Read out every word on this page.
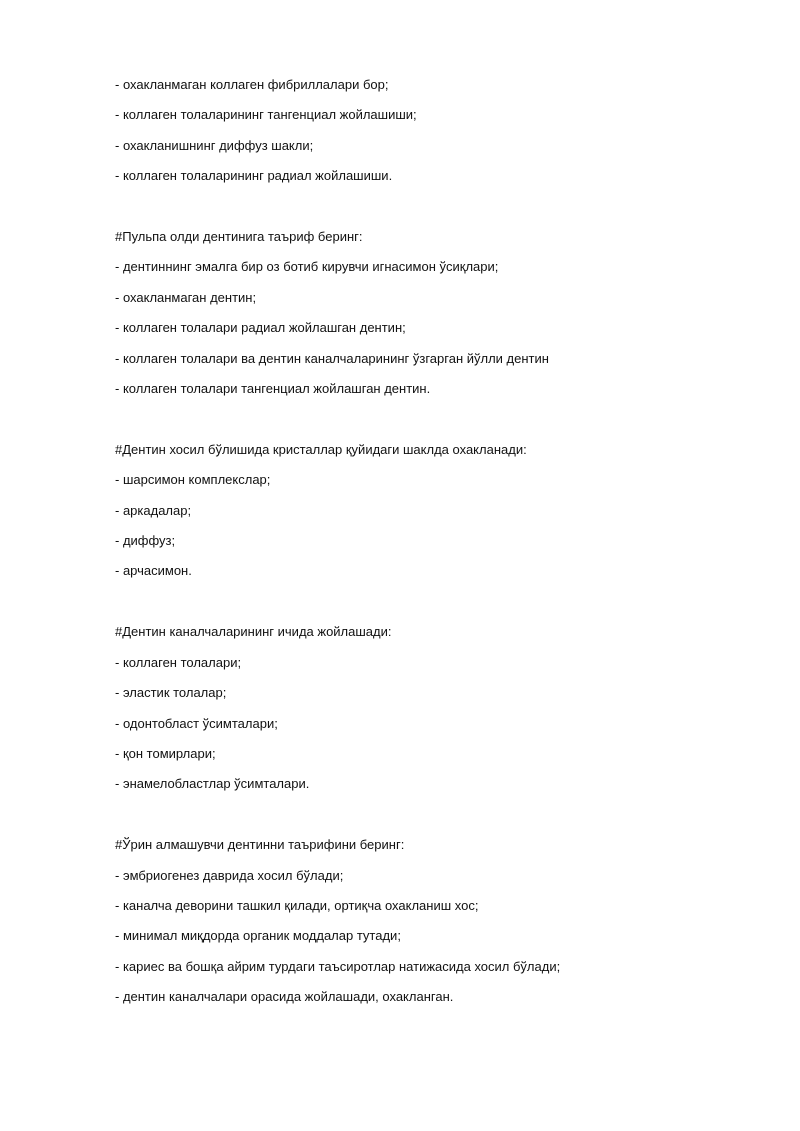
- охакланмаган коллаген фибриллалари бор;

- коллаген толаларининг тангенциал жойлашиши;

- охакланишнинг диффуз шакли;

- коллаген толаларининг радиал жойлашиши.

#Пульпа олди дентинига таъриф беринг:

- дентиннинг эмалга бир оз ботиб кирувчи игнасимон ўсиқлари;

- охакланмаган дентин;

- коллаген толалари радиал жойлашган дентин;

- коллаген толалари ва дентин каналчаларининг ўзгарган йўлли дентин

- коллаген толалари тангенциал жойлашган дентин.

#Дентин хосил бўлишида кристаллар қуйидаги шаклда охакланади:

- шарсимон комплекслар;

- аркадалар;

- диффуз;

- арчасимон.

#Дентин каналчаларининг ичида жойлашади:

- коллаген толалари;

- эластик толалар;

- одонтобласт ўсимталари;

- қон томирлари;

- энамелобластлар ўсимталари.

#Ўрин алмашувчи дентинни таърифини беринг:

- эмбриогенез даврида хосил бўлади;

- каналча деворини ташкил қилади, ортиқча охакланиш хос;

- минимал миқдорда органик моддалар тутади;

- кариес ва бошқа айрим турдаги таъсиротлар натижасида хосил бўлади;

- дентин каналчалари орасида жойлашади, охакланган.
